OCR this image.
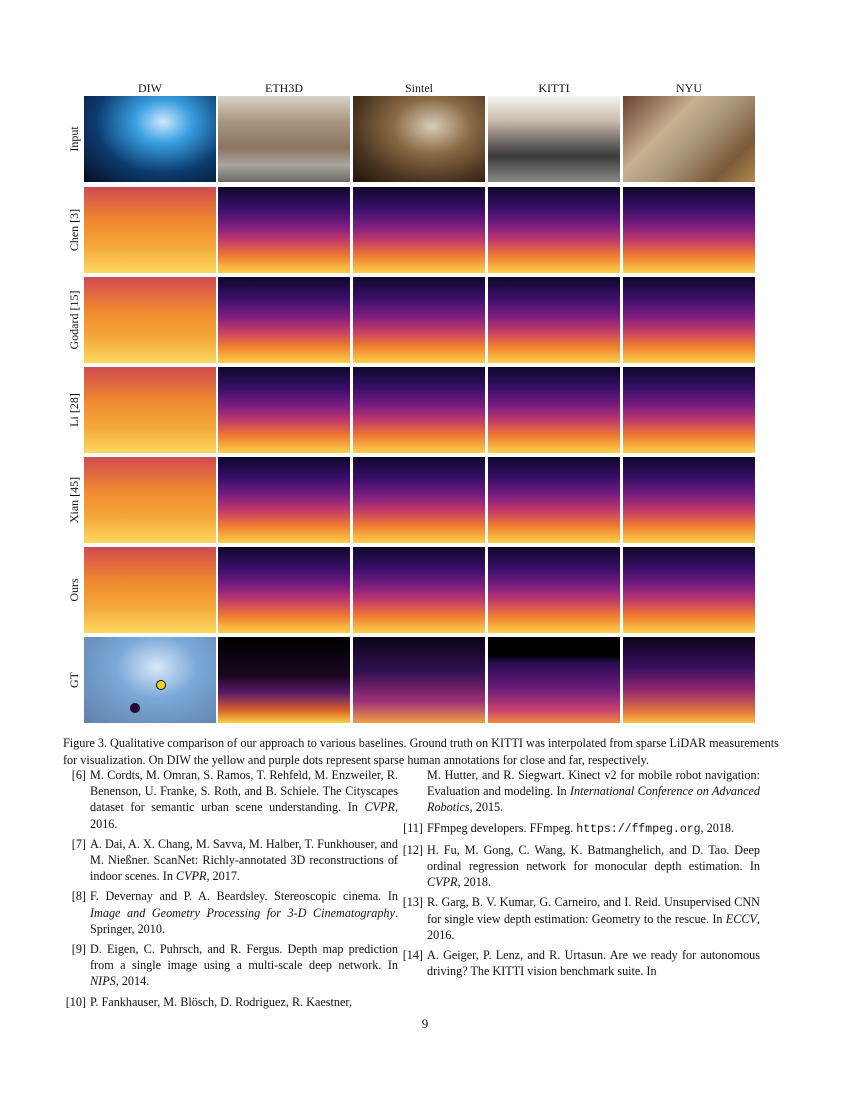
Input
Chen [3]
Godard [15]
Li [28]
Xian [45]
Ours
GT
DIW	ETH3D	Sintel	KITTI	NYU
Figure 3. Qualitative comparison of our approach to various baselines. Ground truth on KITTI was interpolated from sparse LiDAR measurements for visualization. On DIW the yellow and purple dots represent sparse human annotations for close and far, respectively.
[6] M. Cordts, M. Omran, S. Ramos, T. Rehfeld, M. Enzweiler, R. Benenson, U. Franke, S. Roth, and B. Schiele. The Cityscapes dataset for semantic urban scene understanding. In CVPR, 2016.
[7] A. Dai, A. X. Chang, M. Savva, M. Halber, T. Funkhouser, and M. Nießner. ScanNet: Richly-annotated 3D reconstructions of indoor scenes. In CVPR, 2017.
[8] F. Devernay and P. A. Beardsley. Stereoscopic cinema. In Image and Geometry Processing for 3-D Cinematography. Springer, 2010.
[9] D. Eigen, C. Puhrsch, and R. Fergus. Depth map prediction from a single image using a multi-scale deep network. In NIPS, 2014.
[10] P. Fankhauser, M. Blösch, D. Rodriguez, R. Kaestner,
M. Hutter, and R. Siegwart. Kinect v2 for mobile robot navigation: Evaluation and modeling. In International Conference on Advanced Robotics, 2015.
[11] FFmpeg developers. FFmpeg. https://ffmpeg.org, 2018.
[12] H. Fu, M. Gong, C. Wang, K. Batmanghelich, and D. Tao. Deep ordinal regression network for monocular depth estimation. In CVPR, 2018.
[13] R. Garg, B. V. Kumar, G. Carneiro, and I. Reid. Unsupervised CNN for single view depth estimation: Geometry to the rescue. In ECCV, 2016.
[14] A. Geiger, P. Lenz, and R. Urtasun. Are we ready for autonomous driving? The KITTI vision benchmark suite. In
9
